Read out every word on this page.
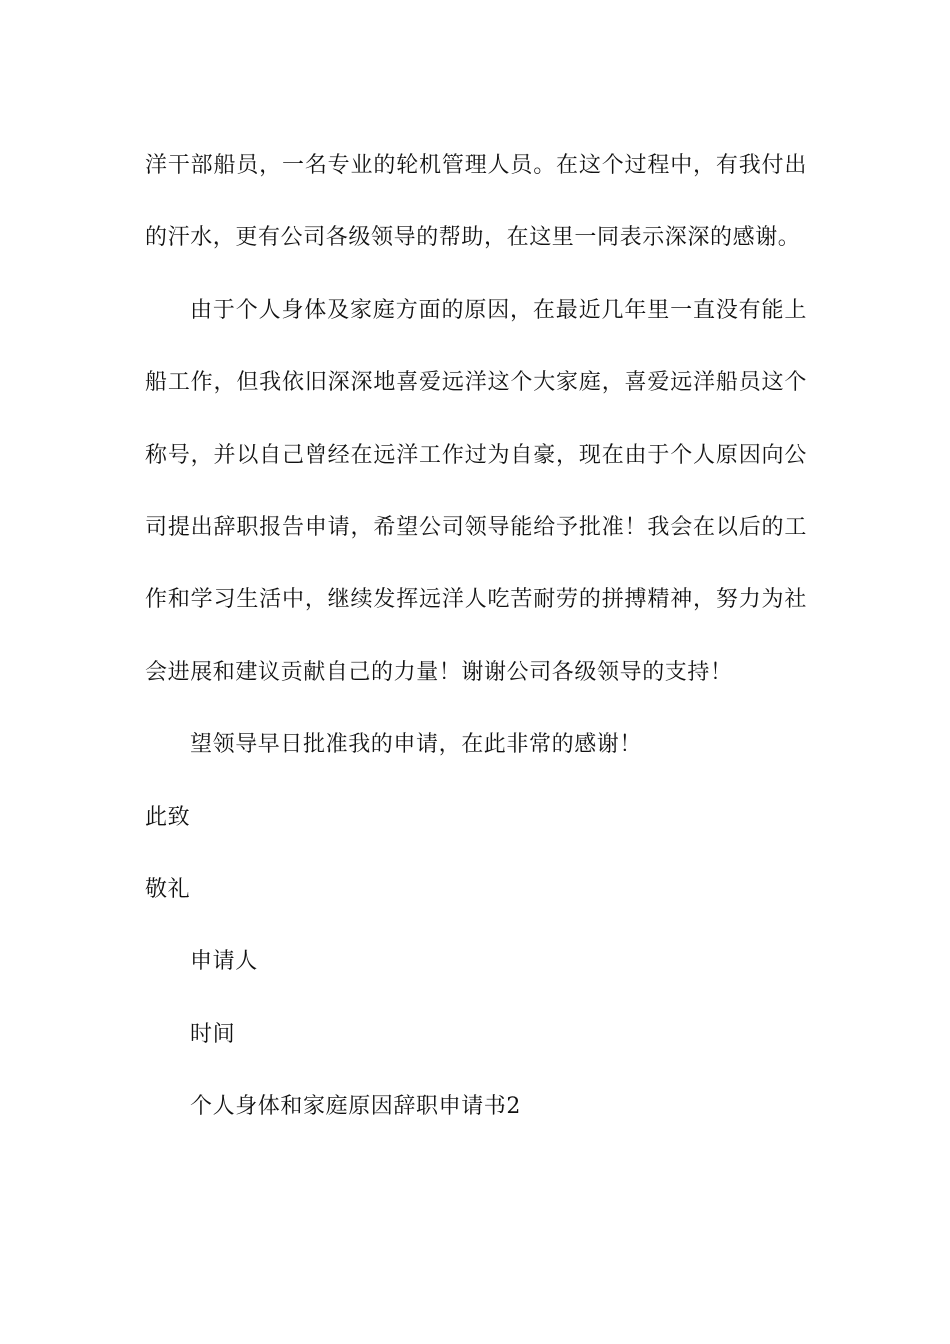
洋干部船员，一名专业的轮机管理人员。在这个过程中，有我付出的汗水，更有公司各级领导的帮助，在这里一同表示深深的感谢。

由于个人身体及家庭方面的原因，在最近几年里一直没有能上船工作，但我依旧深深地喜爱远洋这个大家庭，喜爱远洋船员这个称号，并以自己曾经在远洋工作过为自豪，现在由于个人原因向公司提出辞职报告申请，希望公司领导能给予批准！我会在以后的工作和学习生活中，继续发挥远洋人吃苦耐劳的拼搏精神，努力为社会进展和建议贡献自己的力量！谢谢公司各级领导的支持！

望领导早日批准我的申请，在此非常的感谢！

此致

敬礼

申请人

时间

个人身体和家庭原因辞职申请书2
